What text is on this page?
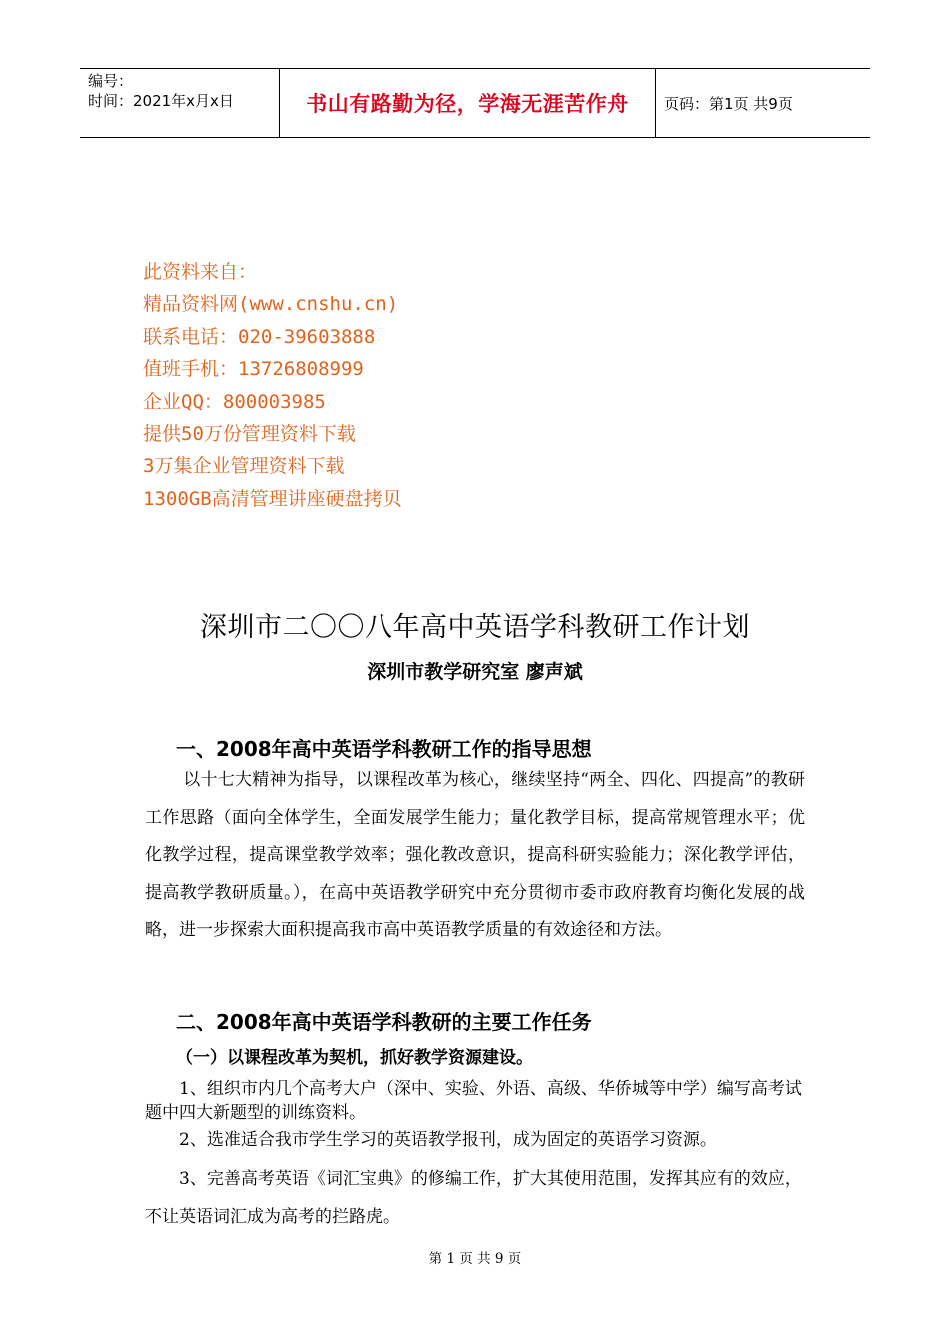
编号：
时间：2021年x月x日	书山有路勤为径，学海无涯苦作舟	页码：第1页 共9页
此资料来自：
精品资料网(www.cnshu.cn)
联系电话：020-39603888
值班手机：13726808999
企业QQ：800003985
提供50万份管理资料下载
3万集企业管理资料下载
1300GB高清管理讲座硬盘拷贝
深圳市二〇〇八年高中英语学科教研工作计划
深圳市教学研究室 廖声斌
一、2008年高中英语学科教研工作的指导思想
以十七大精神为指导，以课程改革为核心，继续坚持“两全、四化、四提高”的教研工作思路（面向全体学生，全面发展学生能力；量化教学目标，提高常规管理水平；优化教学过程，提高课堂教学效率；强化教改意识，提高科研实验能力；深化教学评估，提高教学教研质量。），在高中英语教学研究中充分贯彻市委市政府教育均衡化发展的战略，进一步探索大面积提高我市高中英语教学质量的有效途径和方法。
二、2008年高中英语学科教研的主要工作任务
（一）以课程改革为契机，抓好教学资源建设。
1、组织市内几个高考大户（深中、实验、外语、高级、华侨城等中学）编写高考试题中四大新题型的训练资料。
2、选准适合我市学生学习的英语教学报刊，成为固定的英语学习资源。
3、完善高考英语《词汇宝典》的修编工作，扩大其使用范围，发挥其应有的效应，不让英语词汇成为高考的拦路虎。
第 1 页 共 9 页
